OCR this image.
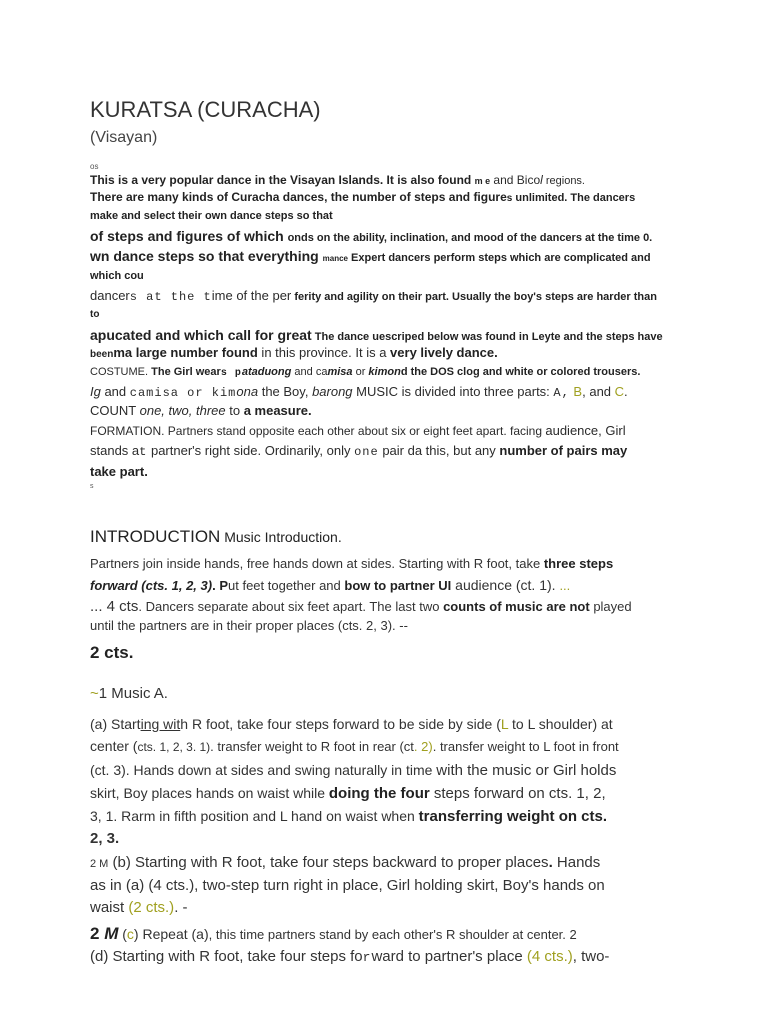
KURATSA (CURACHA)
(Visayan)
os
This is a very popular dance in the Visayan Islands. It is also found m e and Bicol regions.
There are many kinds of Curacha dances, the number of steps and figures unlimited. The dancers
make and select their own dance steps so that
of steps and figures of which onds on the ability, inclination, and mood of the dancers at the time 0.
wn dance steps so that everything mance Expert dancers perform steps which are complicated and
which cou
dancers at the time of the per ferity and agility on their part. Usually the boy's steps are harder than
to
apucated and which call for great The dance uescriped below was found in Leyte and the steps have
beenma large number found in this province. It is a very lively dance.
COSTUME. The Girl wears pataduong and camisa or kimond the DOS clog and white or colored trousers.
Ig and camisa or kimona the Boy, barong MUSIC is divided into three parts: A, B, and C.
COUNT one, two, three to a measure.
FORMATION. Partners stand opposite each other about six or eight feet apart. facing audience, Girl
stands at partner's right side. Ordinarily, only one pair da this, but any number of pairs may
take part.
s
INTRODUCTION Music Introduction.
Partners join inside hands, free hands down at sides. Starting with R foot, take three steps
forward (cts. 1, 2, 3). Put feet together and bow to partner UI audience (ct. 1). ...
... 4 cts. Dancers separate about six feet apart. The last two counts of music are not played
until the partners are in their proper places (cts. 2, 3). --
2 cts.
~1 Music A.
(a) Starting with R foot, take four steps forward to be side by side (L to L shoulder) at
center (cts. 1, 2, 3. 1). transfer weight to R foot in rear (ct. 2). transfer weight to L foot in front
(ct. 3). Hands down at sides and swing naturally in time with the music or Girl holds
skirt, Boy places hands on waist while doing the four steps forward on cts. 1, 2,
3, 1. Rarm in fifth position and L hand on waist when transferring weight on cts.
2, 3.
2 M (b) Starting with R foot, take four steps backward to proper places. Hands
as in (a) (4 cts.), two-step turn right in place, Girl holding skirt, Boy's hands on
waist (2 cts.). -
2 M (c) Repeat (a), this time partners stand by each other's R shoulder at center. 2
(d) Starting with R foot, take four steps forward to partner's place (4 cts.), two-
